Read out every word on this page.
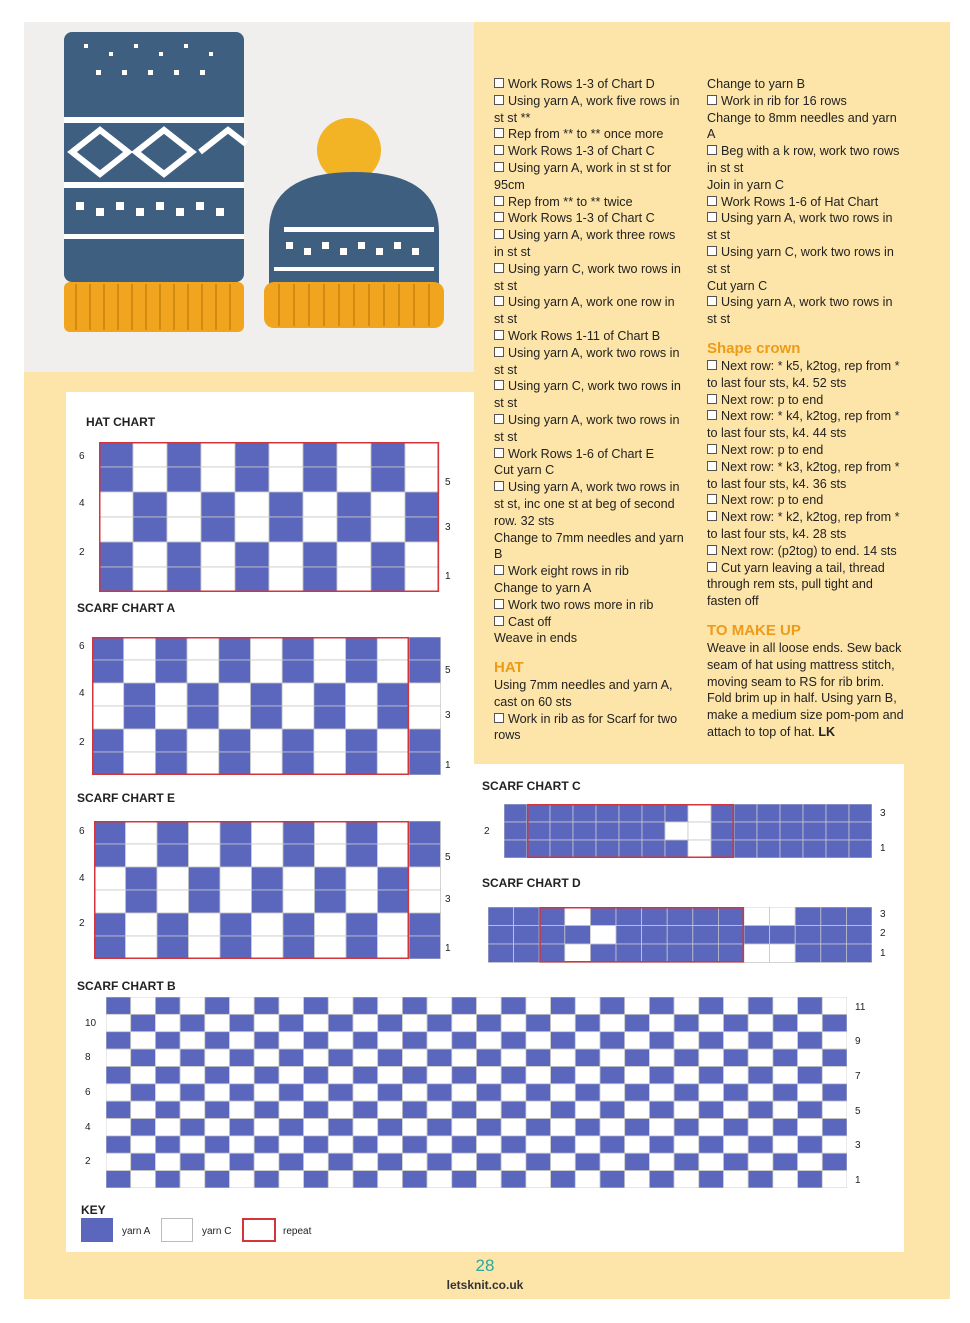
Work Rows 1-3 of Chart D

Using yarn A, work five rows in st st **

Rep from ** to ** once more

Work Rows 1-3 of Chart C

Using yarn A, work in st st for 95cm

Rep from ** to ** twice

Work Rows 1-3 of Chart C

Using yarn A, work three rows in st st

Using yarn C, work two rows in st st

Using yarn A, work one row in st st

Work Rows 1-11 of Chart B

Using yarn A, work two rows in st st

Using yarn C, work two rows in st st

Using yarn A, work two rows in st st

Work Rows 1-6 of Chart E

Cut yarn C

Using yarn A, work two rows in st st, inc one st at beg of second row. 32 sts

Change to 7mm needles and yarn B

Work eight rows in rib

Change to yarn A

Work two rows more in rib

Cast off

Weave in ends

HAT

Using 7mm needles and yarn A, cast on 60 sts

Work in rib as for Scarf for two rows

Change to yarn B

Work in rib for 16 rows

Change to 8mm needles and yarn A

Beg with a k row, work two rows in st st

Join in yarn C

Work Rows 1-6 of Hat Chart

Using yarn A, work two rows in st st

Using yarn C, work two rows in st st

Cut yarn C

Using yarn A, work two rows in st st

Shape crown

Next row: * k5, k2tog, rep from * to last four sts, k4. 52 sts

Next row: p to end

Next row: * k4, k2tog, rep from * to last four sts, k4. 44 sts

Next row: p to end

Next row: * k3, k2tog, rep from * to last four sts, k4. 36 sts

Next row: p to end

Next row: * k2, k2tog, rep from * to last four sts, k4. 28 sts

Next row: (p2tog) to end. 14 sts

Cut yarn leaving a tail, thread through rem sts, pull tight and fasten off

TO MAKE UP

Weave in all loose ends. Sew back seam of hat using mattress stitch, moving seam to RS for rib brim. Fold brim up in half. Using yarn B, make a medium size pom-pom and attach to top of hat. LK

HAT CHART
SCARF CHART A
SCARF CHART E
SCARF CHART C
SCARF CHART D
SCARF CHART B
KEY
yarn A	yarn C	repeat
28
letsknit.co.uk
6
4
2
5
3
1
6
4
2
5
3
1
6
4
2
5
3
1
2
3
1
3
2
1
10
8
6
4
2
11
9
7
5
3
1
